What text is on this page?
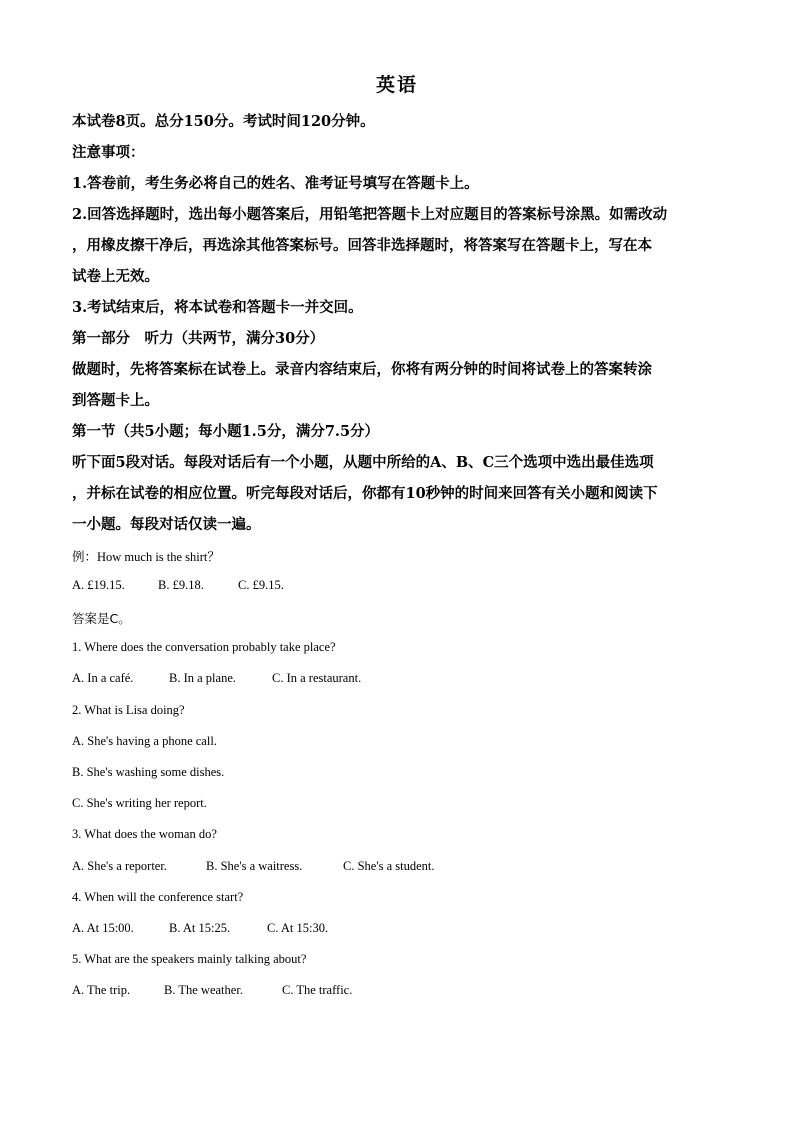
英语
本试卷8页。总分150分。考试时间120分钟。
注意事项：
1.答卷前，考生务必将自己的姓名、准考证号填写在答题卡上。
2.回答选择题时，选出每小题答案后，用铅笔把答题卡上对应题目的答案标号涂黑。如需改动
，用橡皮擦干净后，再选涂其他答案标号。回答非选择题时，将答案写在答题卡上，写在本
试卷上无效。
3.考试结束后，将本试卷和答题卡一并交回。
第一部分　听力（共两节，满分30分）
做题时，先将答案标在试卷上。录音内容结束后，你将有两分钟的时间将试卷上的答案转涂
到答题卡上。
第一节（共5小题；每小题1.5分，满分7.5分）
听下面5段对话。每段对话后有一个小题，从题中所给的A、B、C三个选项中选出最佳选项
，并标在试卷的相应位置。听完每段对话后，你都有10秒钟的时间来回答有关小题和阅读下
一小题。每段对话仅读一遍。
例：How much is the shirt？
A. £19.15.	B. £9.18.	C. £9.15.
答案是C。
1. Where does the conversation probably take place?
A. In a café.	B. In a plane.	C. In a restaurant.
2. What is Lisa doing?
A. She's having a phone call.
B. She's washing some dishes.
C. She's writing her report.
3. What does the woman do?
A. She's a reporter.	B. She's a waitress.	C. She's a student.
4. When will the conference start?
A. At 15:00.	B. At 15:25.	C. At 15:30.
5. What are the speakers mainly talking about?
A. The trip.	B. The weather.	C. The traffic.
